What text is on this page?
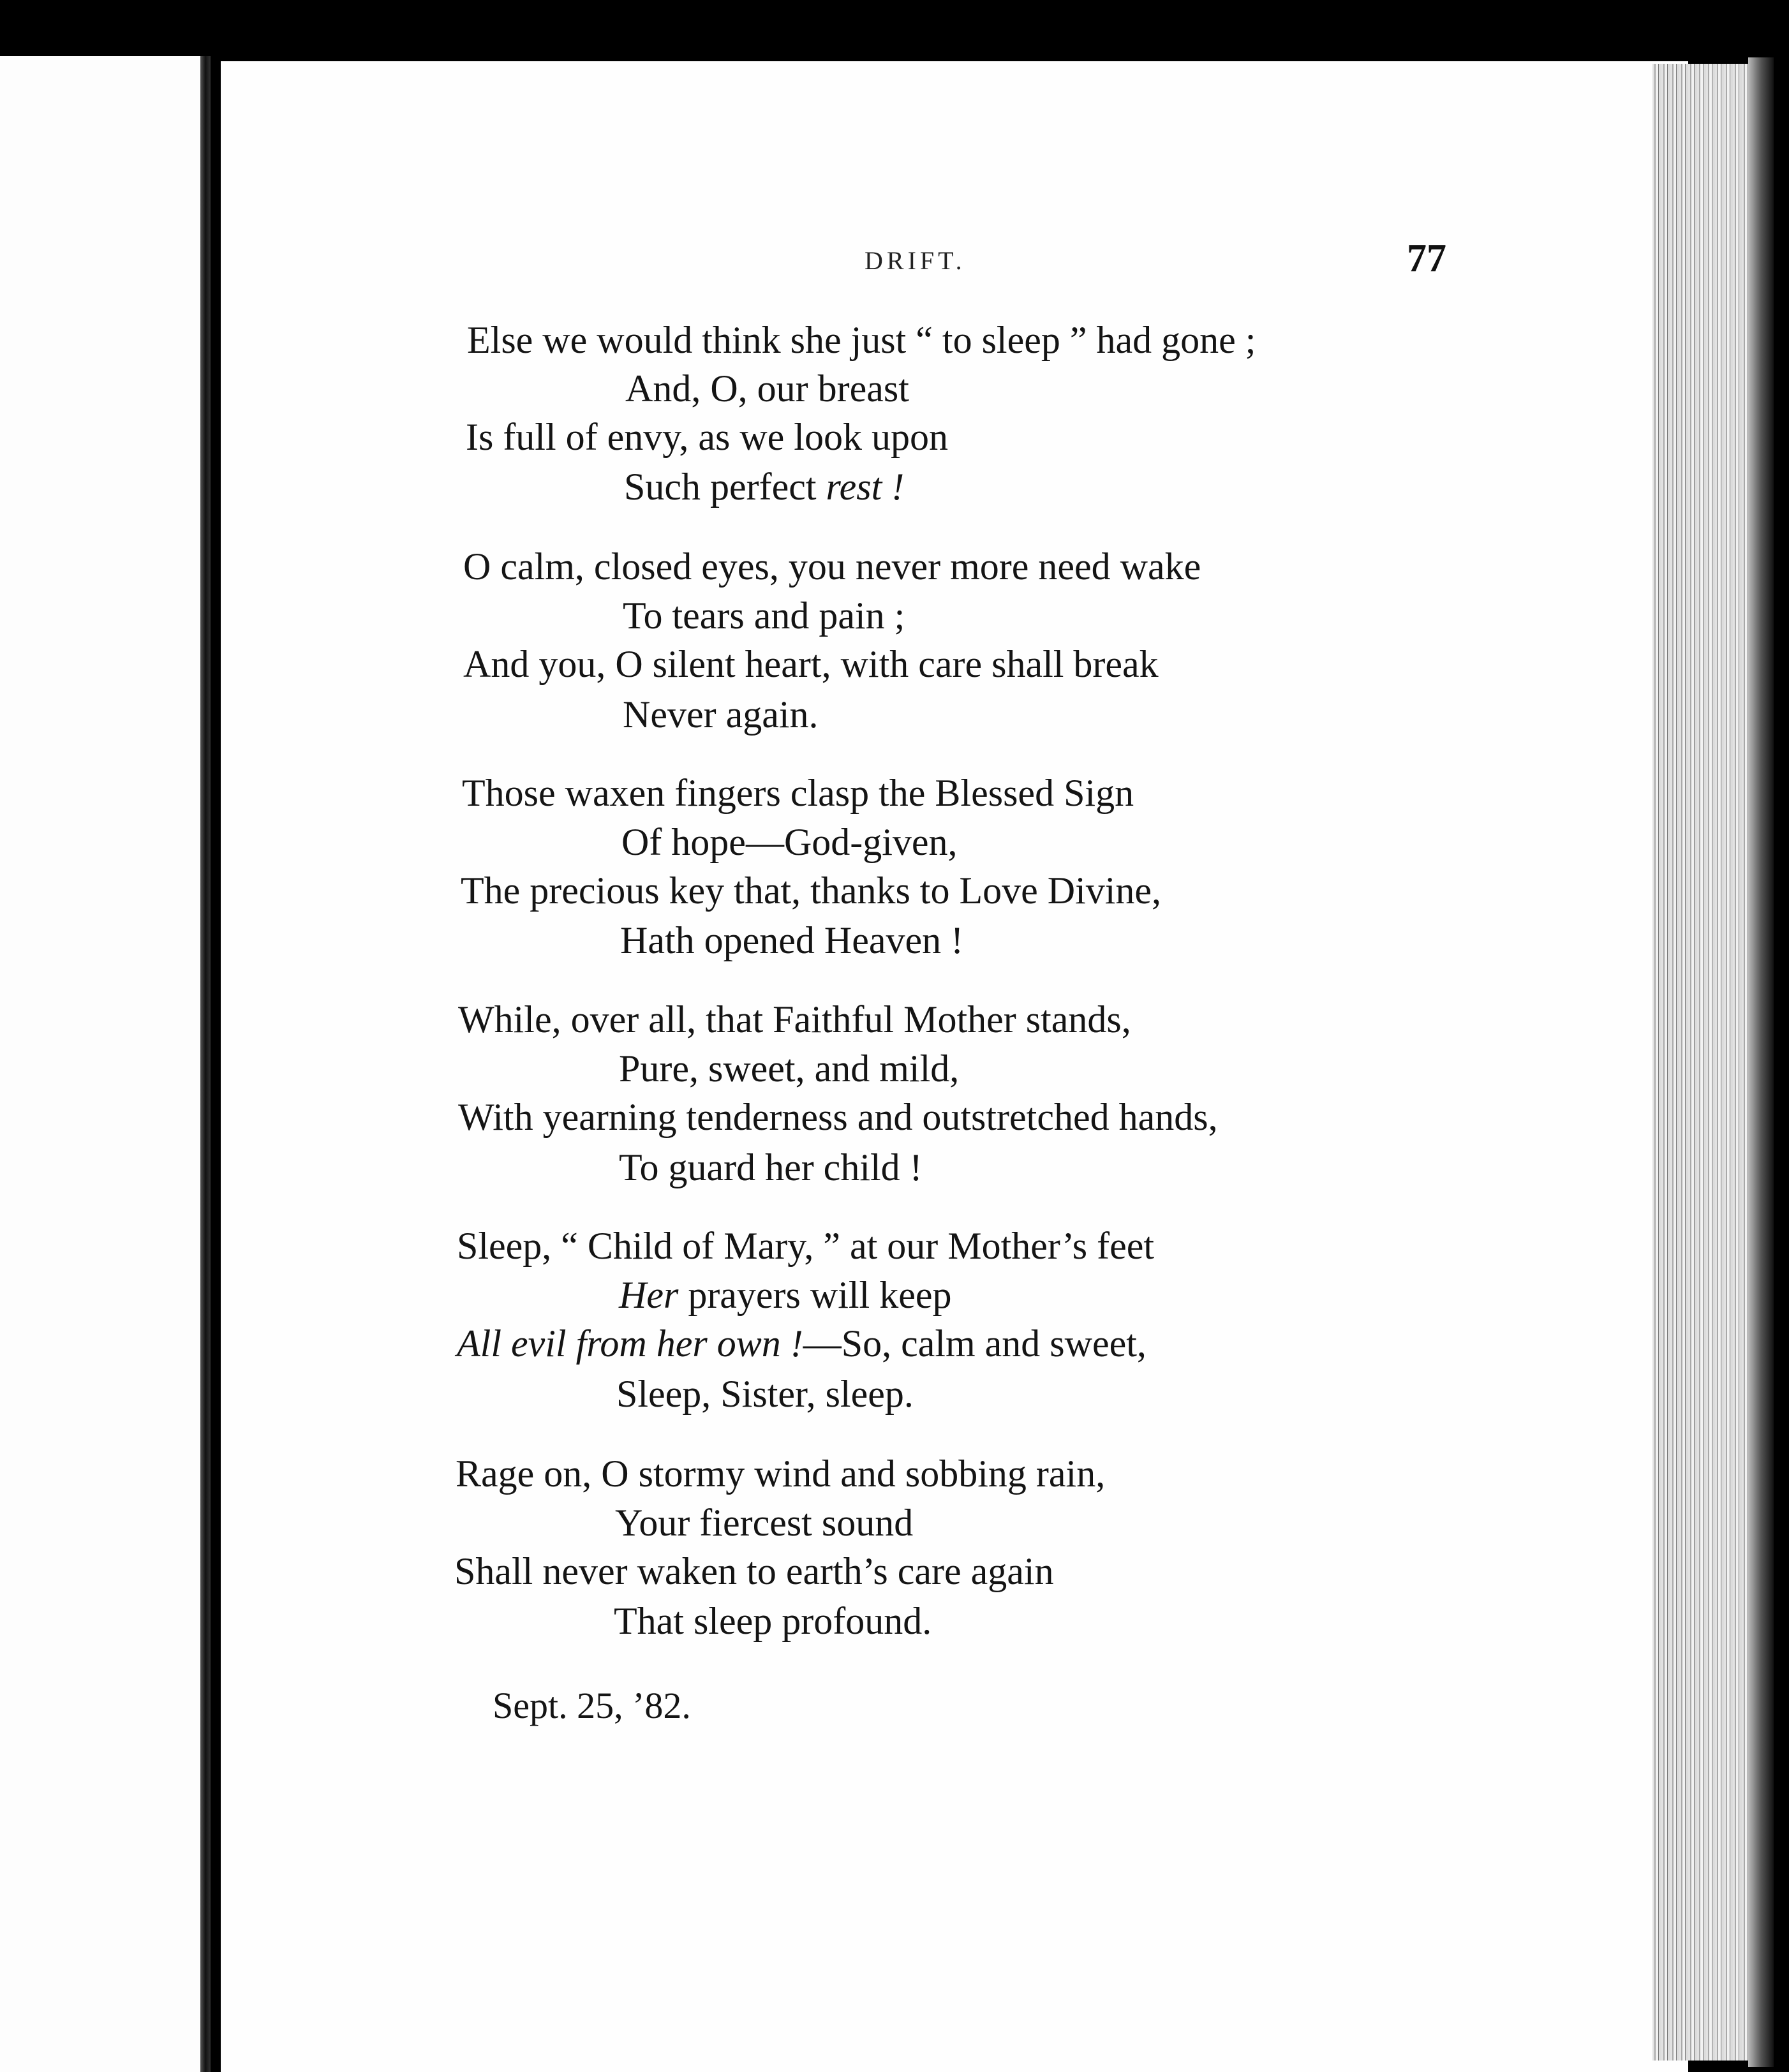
DRIFT.	77
Else we would think she just “ to sleep ” had gone ;
And, O, our breast
Is full of envy, as we look upon
Such perfect rest !
O calm, closed eyes, you never more need wake
To tears and pain ;
And you, O silent heart, with care shall break
Never again.
Those waxen fingers clasp the Blessed Sign
Of hope—God-given,
The precious key that, thanks to Love Divine,
Hath opened Heaven !
While, over all, that Faithful Mother stands,
Pure, sweet, and mild,
With yearning tenderness and outstretched hands,
To guard her child !
Sleep, “ Child of Mary, ” at our Mother’s feet
Her prayers will keep
All evil from her own !—So, calm and sweet,
Sleep, Sister, sleep.
Rage on, O stormy wind and sobbing rain,
Your fiercest sound
Shall never waken to earth’s care again
That sleep profound.
Sept. 25, ’82.
